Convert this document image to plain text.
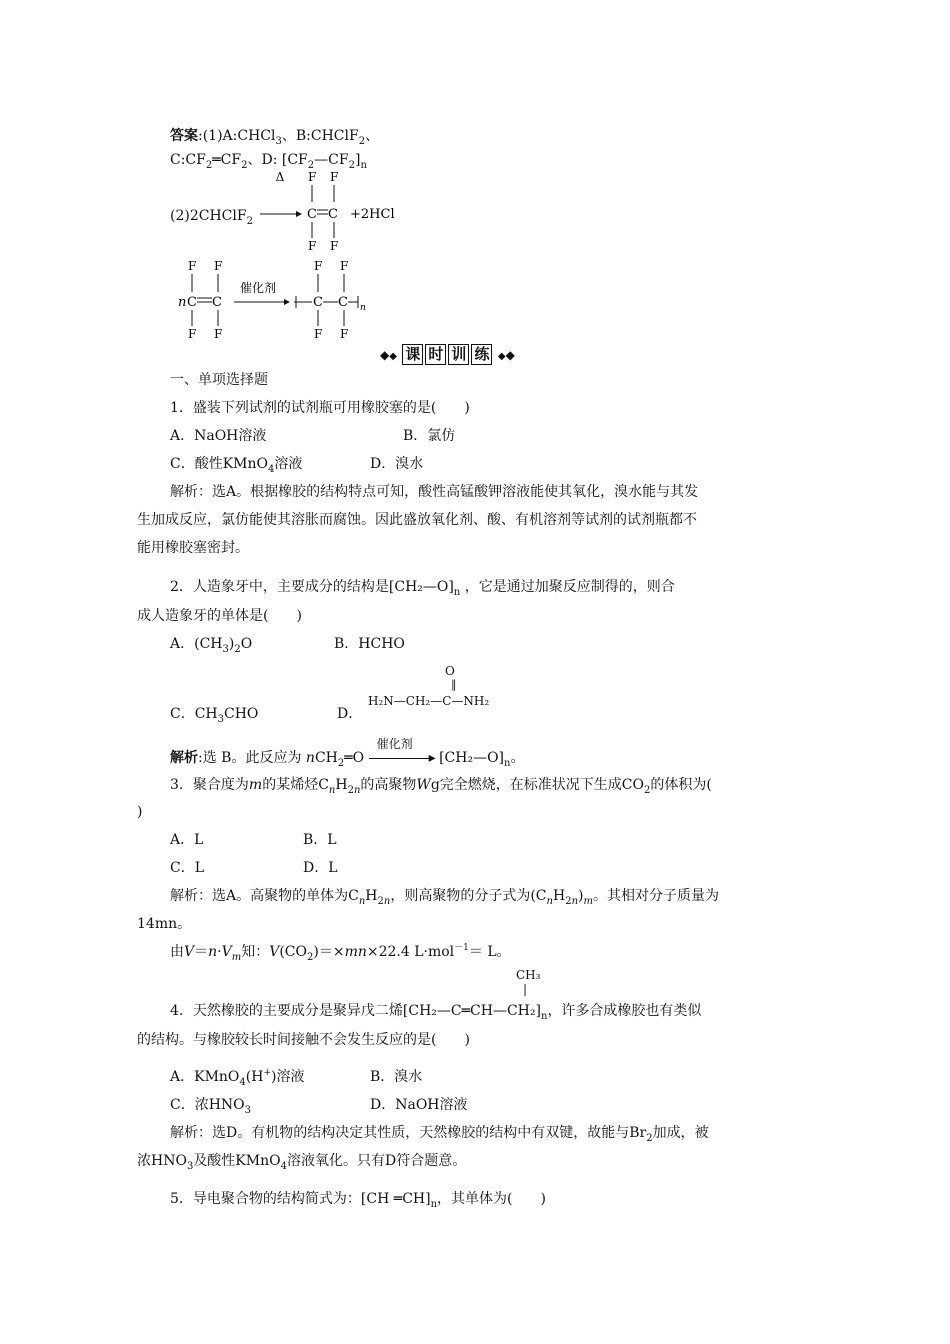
答案:(1)A:CHCl$_3$、B:CHClF$_2$、
$C:CF_2═CF_2$、D: $[CF_2—CF_2]_n$
(2)2CHClF$_2$
Δ F F
C C
F F
+2HCl
n
F F
C C
F F
催化剂
F F
C C n
F F
◆◆ 课 时 训 练 ◆◆
一、单项选择题
1．盛装下列试剂的试剂瓶可用橡胶塞的是(　　)
A．NaOH溶液	B．氯仿
C．酸性KMnO$_4$溶液	D．溴水
解析：选A。根据橡胶的结构特点可知，酸性高锰酸钾溶液能使其氧化，溴水能与其发
生加成反应，氯仿能使其溶胀而腐蚀。因此盛放氧化剂、酸、有机溶剂等试剂的试剂瓶都不
能用橡胶塞密封。
2．人造象牙中，主要成分的结构是$[CH_2—O]_n$ ，它是通过加聚反应制得的，则合
成人造象牙的单体是(　　)
A．$(CH_3)_2O$	B．HCHO
C．$CH_3CHO$	D．
O
‖
H₂N—CH₂—C—NH₂
解析:选 B。此反应为 nCH$_2$═O
催化剂
▸ $[CH_2—O]_n$。
3．聚合度为m的某烯烃$C_nH_{2n}$的高聚物Wg完全燃烧，在标准状况下生成$CO_2$的体积为(
)
A．L	B．L
C．L	D．L
解析：选A。高聚物的单体为$C_nH_{2n}$，则高聚物的分子式为$(C_nH_{2n})_m$。其相对分子质量为
14mn。
由$V=n\cdot V_m$知：$V(CO_2)=\times mn\times 22.4$ L·mol$^{-1}$＝ L。
CH₃
|
4．天然橡胶的主要成分是聚异戊二烯$[CH_2—C═CH—CH_2]_n$，许多合成橡胶也有类似
的结构。与橡胶较长时间接触不会发生反应的是(　　)
A．KMnO$_4$(H+)溶液	B．溴水
C．浓$HNO_3$	D．NaOH溶液
解析：选D。有机物的结构决定其性质，天然橡胶的结构中有双键，故能与$Br_2$加成，被
浓$HNO_3$及酸性KMnO$_4$溶液氧化。只有D符合题意。
5．导电聚合物的结构简式为：[CH $═CH]_n$，其单体为(　　)
